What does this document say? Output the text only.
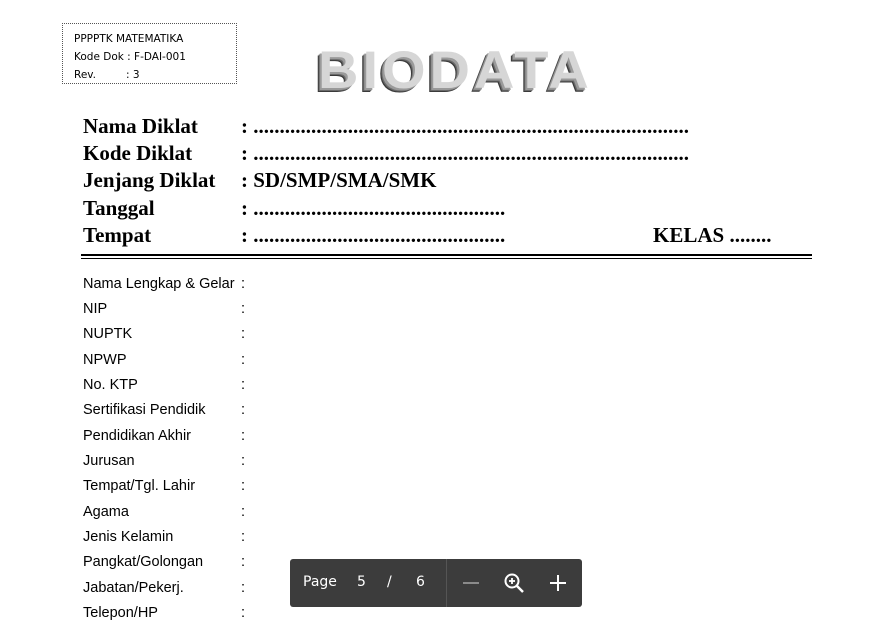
PPPPTK MATEMATIKA
Kode Dok : F-DAI-001
Rev.         : 3	BIODATA
Nama Diklat : ...................................................................................
Kode Diklat : ...................................................................................
Jenjang Diklat : SD/SMP/SMA/SMK
Tanggal	: ................................................
Tempat	: ................................................	KELAS ........
Nama Lengkap & Gelar :
NIP	:
NUPTK	:
NPWP	:
No. KTP	:
Sertifikasi Pendidik :
Pendidikan Akhir	:
Jurusan	:
Tempat/Tgl. Lahir	:
Agama	:
Jenis Kelamin	:
Pangkat/Golongan	:
Jabatan/Pekerj.	:
Telepon/HP	:
Page 5 / 6
